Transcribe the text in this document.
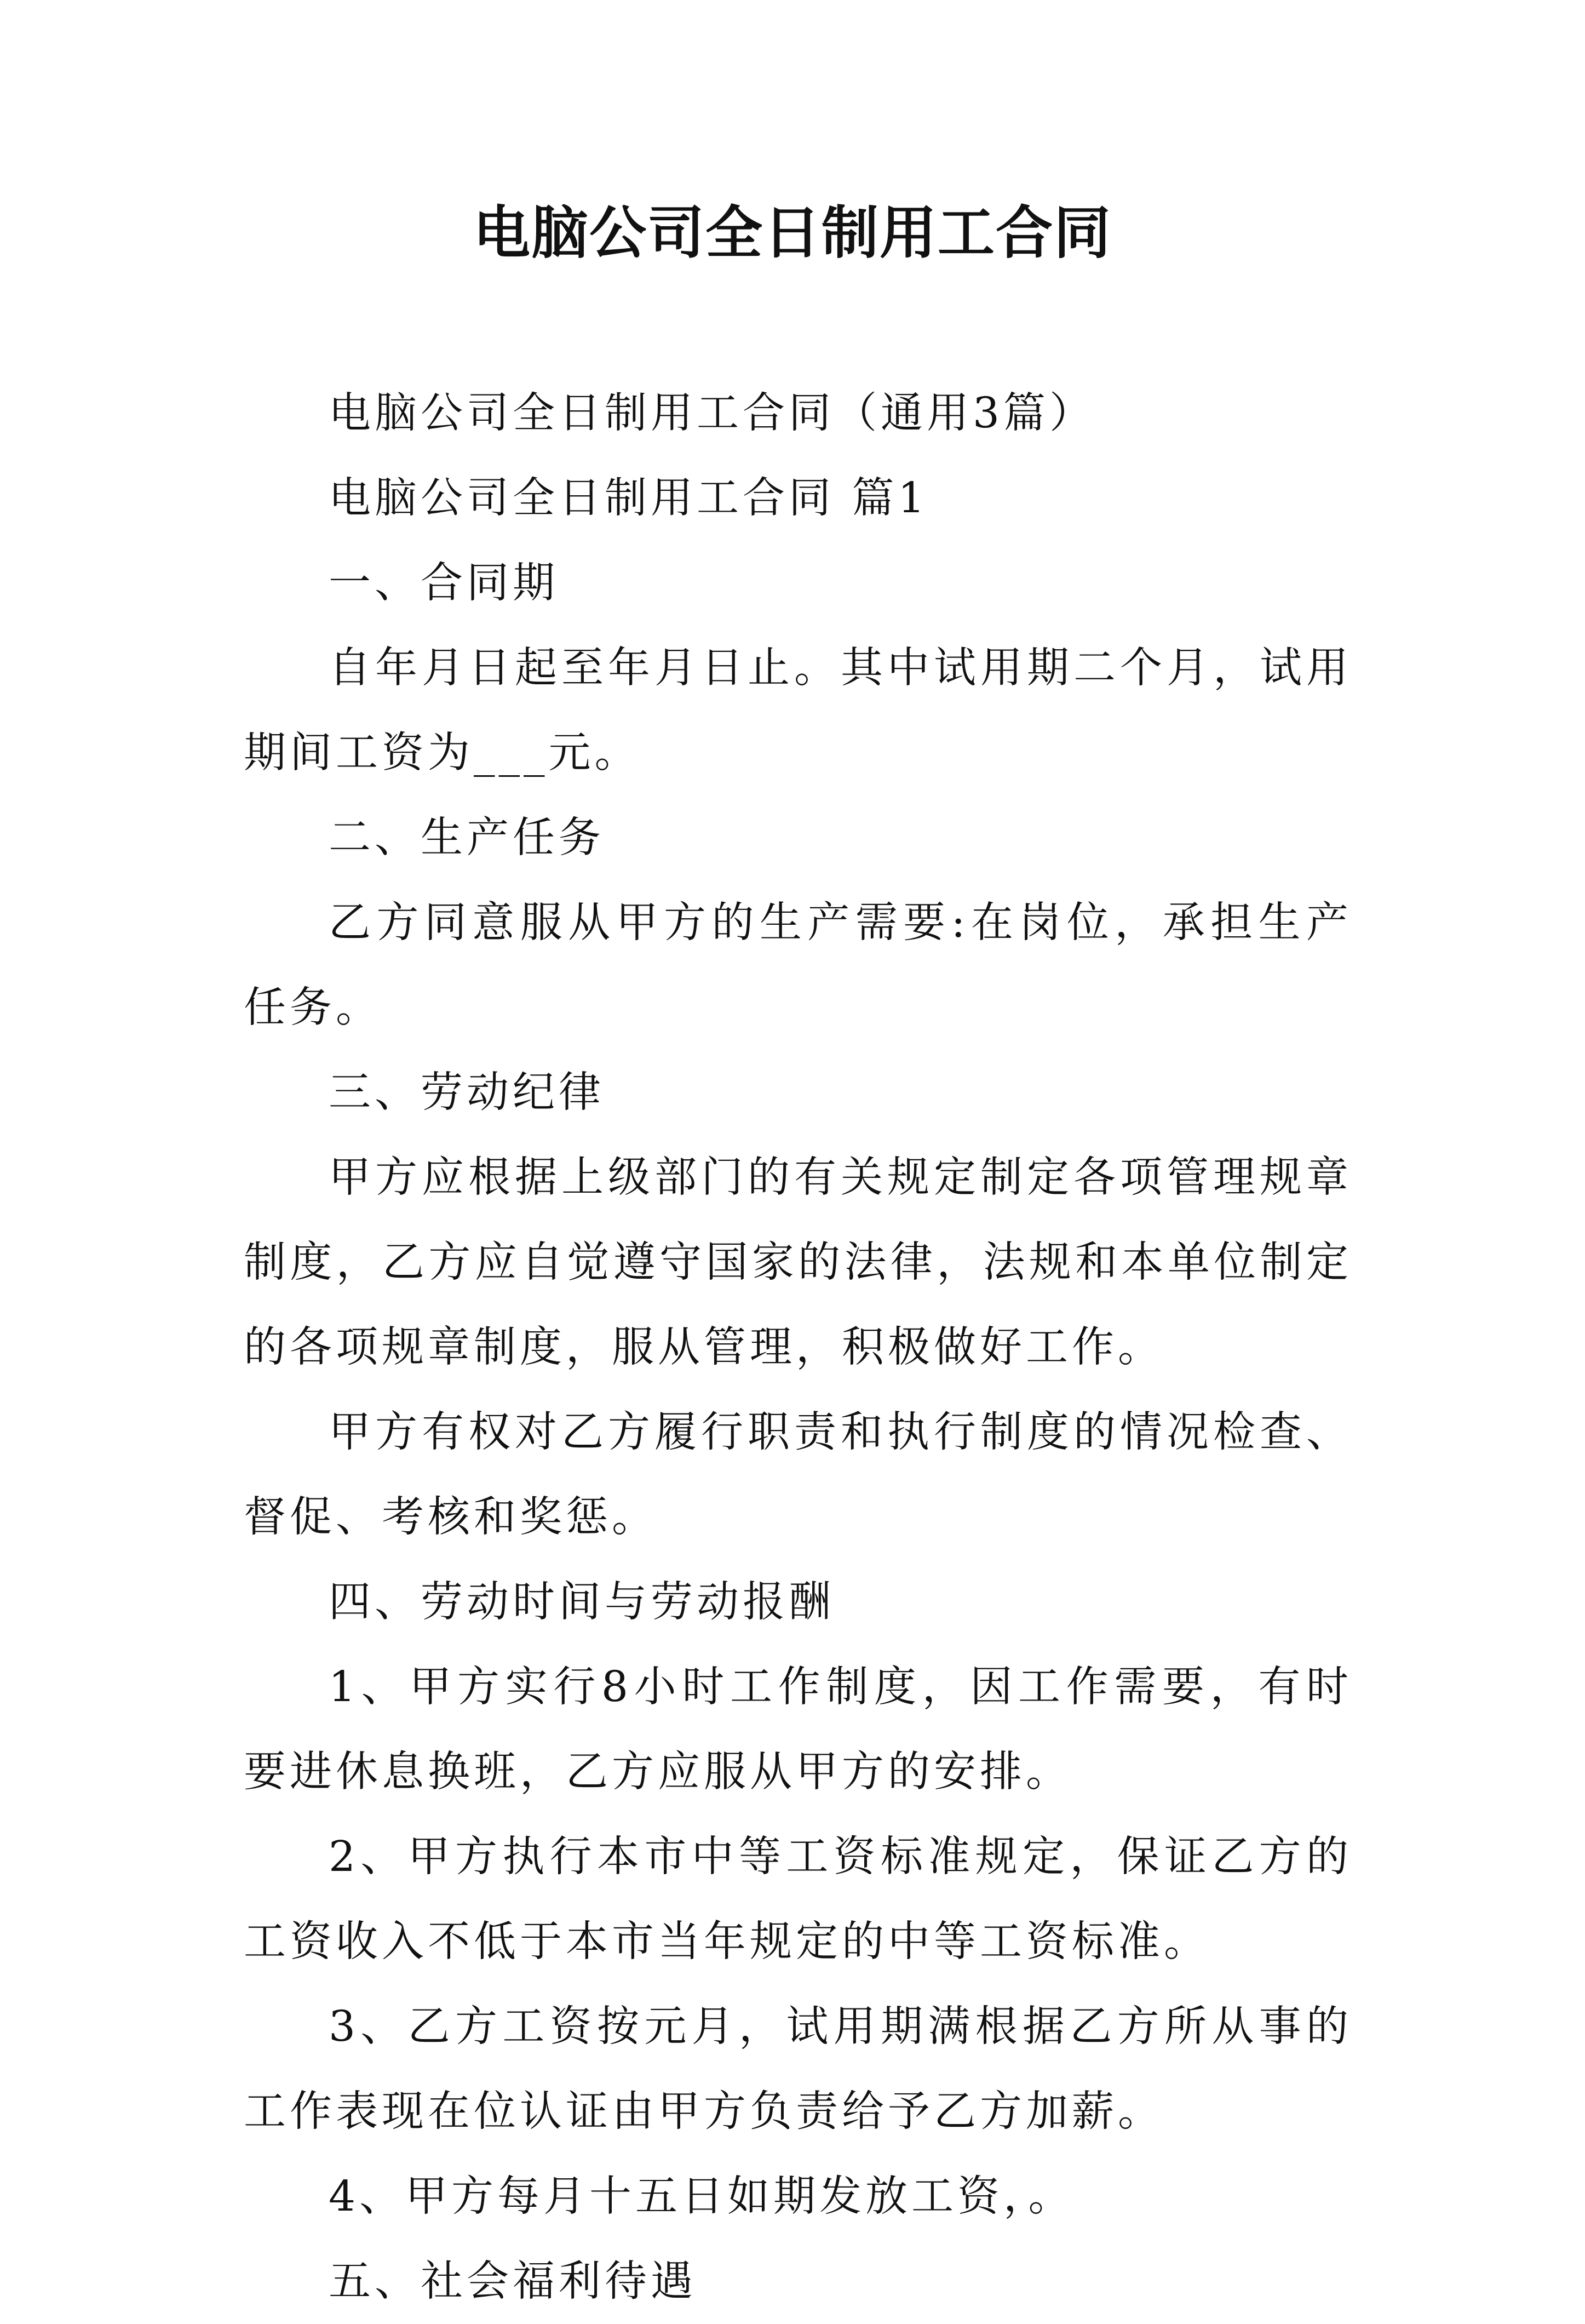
电脑公司全日制用工合同

电脑公司全日制用工合同（通用3篇）

电脑公司全日制用工合同 篇1

一、合同期

自年月日起至年月日止。其中试用期二个月，试用期间工资为___元。

二、生产任务

乙方同意服从甲方的生产需要:在岗位，承担生产任务。

三、劳动纪律

甲方应根据上级部门的有关规定制定各项管理规章制度，乙方应自觉遵守国家的法律，法规和本单位制定的各项规章制度，服从管理，积极做好工作。

甲方有权对乙方履行职责和执行制度的情况检查、督促、考核和奖惩。

四、劳动时间与劳动报酬

1、甲方实行8小时工作制度，因工作需要，有时要进休息换班，乙方应服从甲方的安排。

2、甲方执行本市中等工资标准规定，保证乙方的工资收入不低于本市当年规定的中等工资标准。

3、乙方工资按元月，试用期满根据乙方所从事的工作表现在位认证由甲方负责给予乙方加薪。

4、甲方每月十五日如期发放工资，。

五、社会福利待遇
